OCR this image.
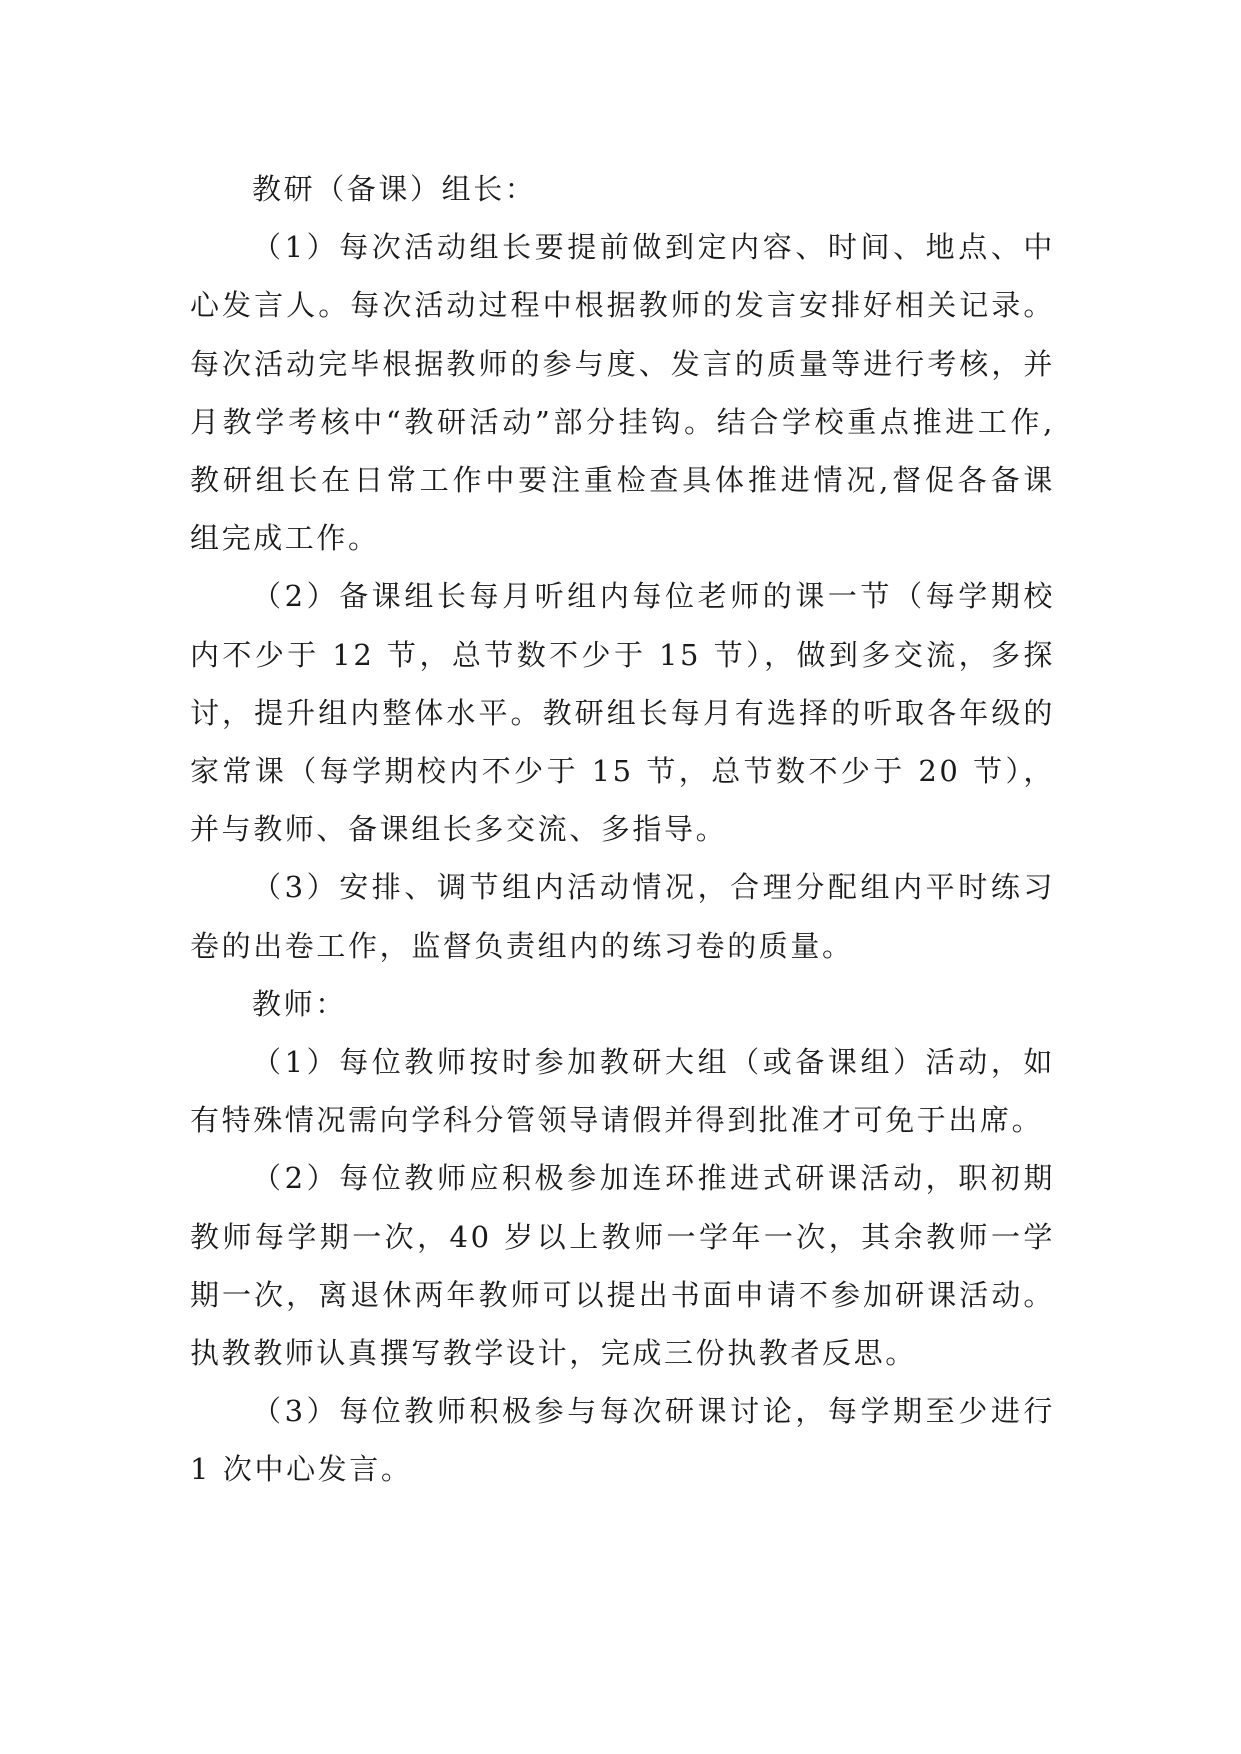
教研（备课）组长：

（1）每次活动组长要提前做到定内容、时间、地点、中心发言人。每次活动过程中根据教师的发言安排好相关记录。每次活动完毕根据教师的参与度、发言的质量等进行考核，并月教学考核中“教研活动”部分挂钩。结合学校重点推进工作,教研组长在日常工作中要注重检查具体推进情况,督促各备课组完成工作。

（2）备课组长每月听组内每位老师的课一节（每学期校内不少于 12 节，总节数不少于 15 节），做到多交流，多探讨，提升组内整体水平。教研组长每月有选择的听取各年级的家常课（每学期校内不少于 15 节，总节数不少于 20 节），并与教师、备课组长多交流、多指导。

（3）安排、调节组内活动情况，合理分配组内平时练习卷的出卷工作，监督负责组内的练习卷的质量。

教师：

（1）每位教师按时参加教研大组（或备课组）活动，如有特殊情况需向学科分管领导请假并得到批准才可免于出席。

（2）每位教师应积极参加连环推进式研课活动，职初期教师每学期一次，40 岁以上教师一学年一次，其余教师一学期一次，离退休两年教师可以提出书面申请不参加研课活动。执教教师认真撰写教学设计，完成三份执教者反思。

（3）每位教师积极参与每次研课讨论，每学期至少进行 1 次中心发言。
